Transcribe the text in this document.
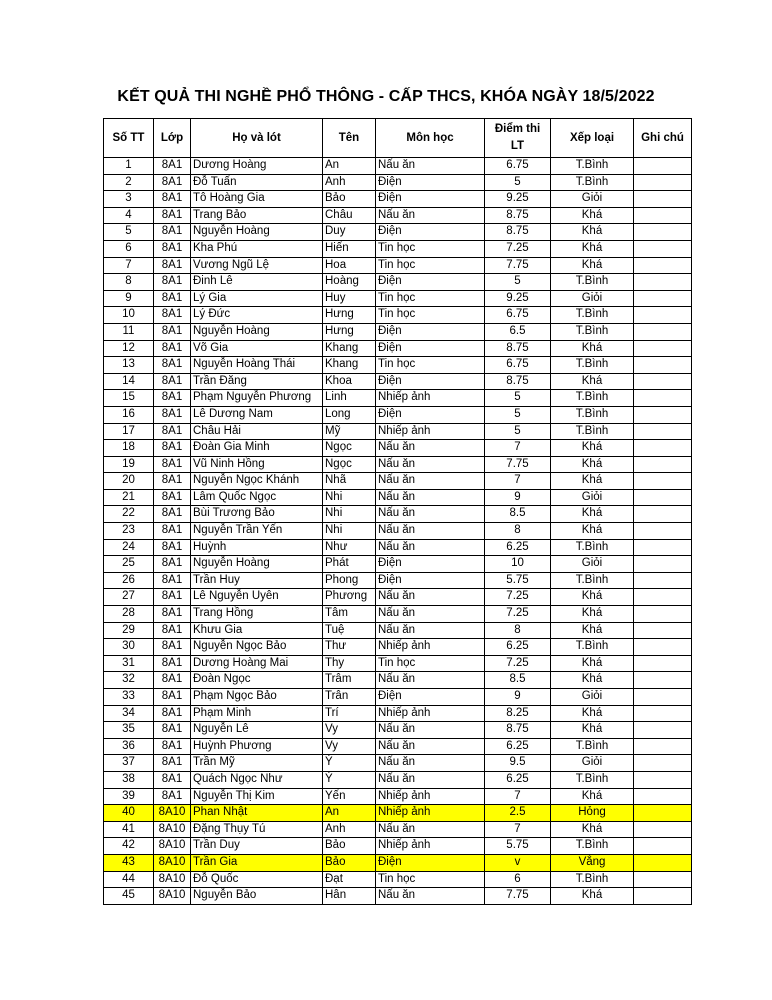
KẾT QUẢ THI NGHỀ PHỔ THÔNG - CẤP THCS, KHÓA NGÀY 18/5/2022
Số TT	Lớp	Họ và lót	Tên	Môn học	Điểm thi LT	Xếp loại	Ghi chú
1	8A1	Dương Hoàng	An	Nấu ăn	6.75	T.Bình	
2	8A1	Đỗ Tuấn	Anh	Điện	5	T.Bình	
3	8A1	Tô Hoàng Gia	Bảo	Điện	9.25	Giỏi	
4	8A1	Trang Bảo	Châu	Nấu ăn	8.75	Khá	
5	8A1	Nguyễn Hoàng	Duy	Điện	8.75	Khá	
6	8A1	Kha Phú	Hiến	Tin học	7.25	Khá	
7	8A1	Vương Ngũ Lệ	Hoa	Tin học	7.75	Khá	
8	8A1	Đinh Lê	Hoàng	Điện	5	T.Bình	
9	8A1	Lý Gia	Huy	Tin học	9.25	Giỏi	
10	8A1	Lý Đức	Hưng	Tin học	6.75	T.Bình	
11	8A1	Nguyễn Hoàng	Hưng	Điện	6.5	T.Bình	
12	8A1	Võ Gia	Khang	Điện	8.75	Khá	
13	8A1	Nguyễn Hoàng Thái	Khang	Tin học	6.75	T.Bình	
14	8A1	Trần Đăng	Khoa	Điện	8.75	Khá	
15	8A1	Phạm Nguyễn Phương	Linh	Nhiếp ảnh	5	T.Bình	
16	8A1	Lê Dương Nam	Long	Điện	5	T.Bình	
17	8A1	Châu Hải	Mỹ	Nhiếp ảnh	5	T.Bình	
18	8A1	Đoàn Gia Minh	Ngọc	Nấu ăn	7	Khá	
19	8A1	Vũ Ninh Hồng	Ngọc	Nấu ăn	7.75	Khá	
20	8A1	Nguyễn Ngọc Khánh	Nhã	Nấu ăn	7	Khá	
21	8A1	Lâm Quốc Ngọc	Nhi	Nấu ăn	9	Giỏi	
22	8A1	Bùi Trương Bảo	Nhi	Nấu ăn	8.5	Khá	
23	8A1	Nguyễn Trần Yến	Nhi	Nấu ăn	8	Khá	
24	8A1	Huỳnh	Như	Nấu ăn	6.25	T.Bình	
25	8A1	Nguyễn Hoàng	Phát	Điện	10	Giỏi	
26	8A1	Trần Huy	Phong	Điện	5.75	T.Bình	
27	8A1	Lê Nguyễn Uyên	Phương	Nấu ăn	7.25	Khá	
28	8A1	Trang Hồng	Tâm	Nấu ăn	7.25	Khá	
29	8A1	Khưu Gia	Tuệ	Nấu ăn	8	Khá	
30	8A1	Nguyễn Ngọc Bảo	Thư	Nhiếp ảnh	6.25	T.Bình	
31	8A1	Dương Hoàng Mai	Thy	Tin học	7.25	Khá	
32	8A1	Đoàn Ngọc	Trâm	Nấu ăn	8.5	Khá	
33	8A1	Phạm Ngọc Bảo	Trân	Điện	9	Giỏi	
34	8A1	Phạm Minh	Trí	Nhiếp ảnh	8.25	Khá	
35	8A1	Nguyễn Lê	Vy	Nấu ăn	8.75	Khá	
36	8A1	Huỳnh Phương	Vy	Nấu ăn	6.25	T.Bình	
37	8A1	Trần Mỹ	Ý	Nấu ăn	9.5	Giỏi	
38	8A1	Quách Ngọc Như	Ý	Nấu ăn	6.25	T.Bình	
39	8A1	Nguyễn Thị Kim	Yến	Nhiếp ảnh	7	Khá	
40	8A10	Phan Nhật	An	Nhiếp ảnh	2.5	Hỏng	
41	8A10	Đặng Thụy Tú	Anh	Nấu ăn	7	Khá	
42	8A10	Trần Duy	Bảo	Nhiếp ảnh	5.75	T.Bình	
43	8A10	Trần Gia	Bảo	Điện	v	Vắng	
44	8A10	Đỗ Quốc	Đạt	Tin học	6	T.Bình	
45	8A10	Nguyễn Bảo	Hân	Nấu ăn	7.75	Khá	
